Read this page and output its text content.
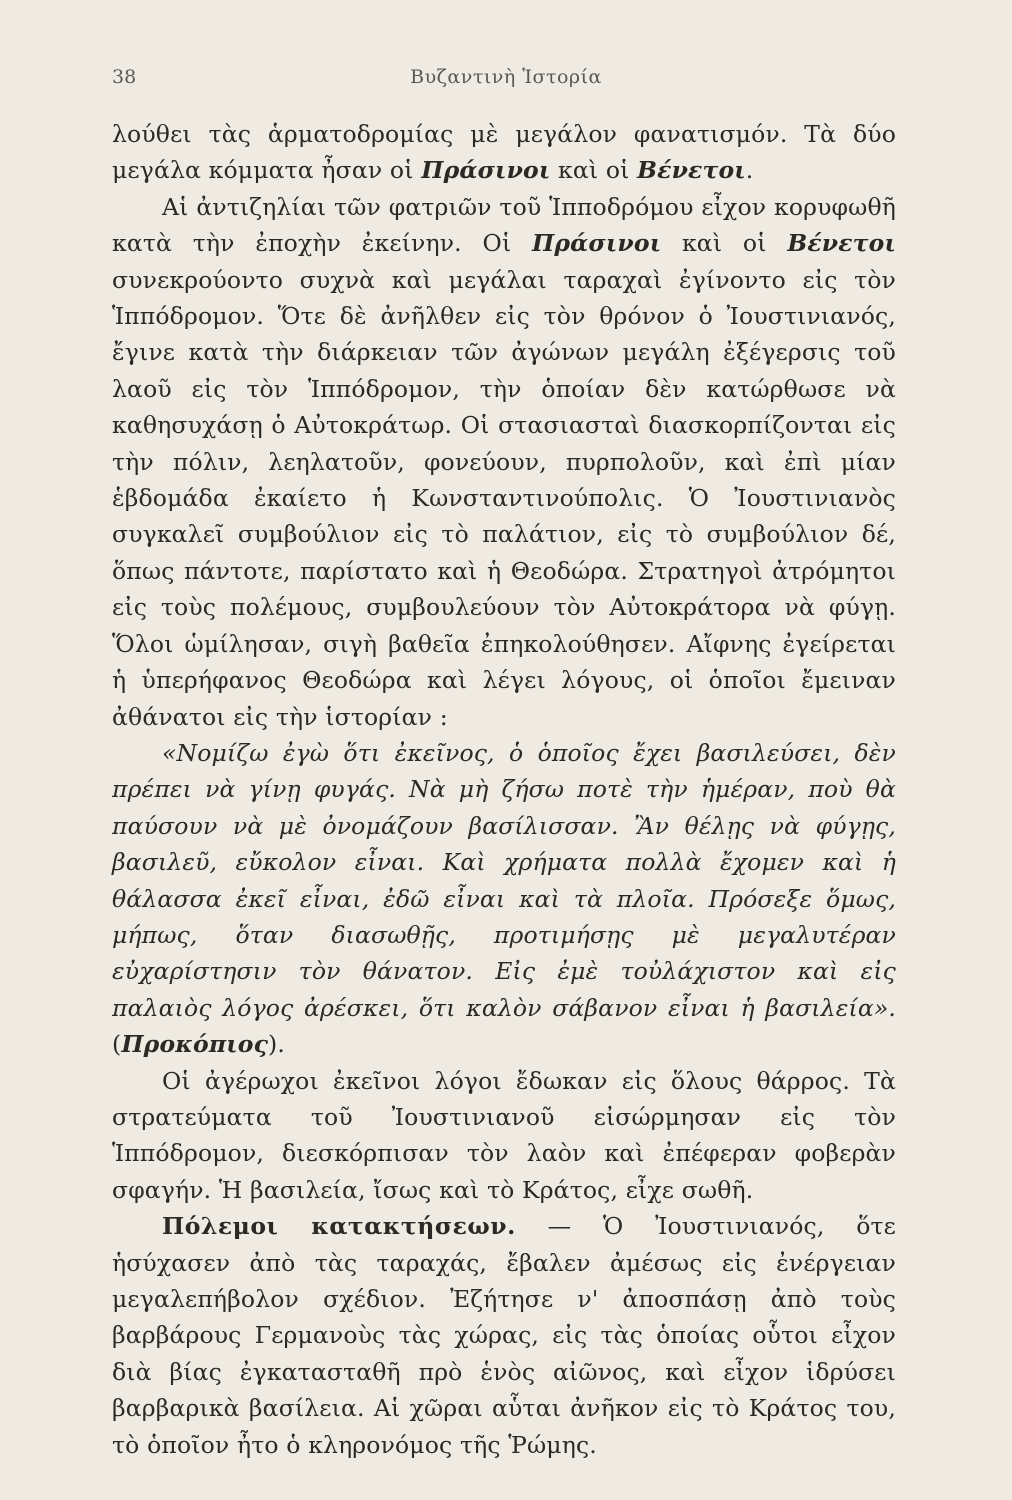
38	Βυζαντινὴ Ἱστορία

λούθει τὰς ἁρματοδρομίας μὲ μεγάλον φανατισμόν. Τὰ δύο μεγάλα κόμματα ἦσαν οἱ Πράσινοι καὶ οἱ Βένετοι.

Αἱ ἀντιζηλίαι τῶν φατριῶν τοῦ Ἱπποδρόμου εἶχον κορυφωθῆ κατὰ τὴν ἐποχὴν ἐκείνην. Οἱ Πράσινοι καὶ οἱ Βένετοι συνεκρούοντο συχνὰ καὶ μεγάλαι ταραχαὶ ἐγίνοντο εἰς τὸν Ἱππόδρομον. Ὅτε δὲ ἀνῆλθεν εἰς τὸν θρόνον ὁ Ἰουστινιανός, ἔγινε κατὰ τὴν διάρκειαν τῶν ἀγώνων μεγάλη ἐξέγερσις τοῦ λαοῦ εἰς τὸν Ἱππόδρομον, τὴν ὁποίαν δὲν κατώρθωσε νὰ καθησυχάσῃ ὁ Αὐτοκράτωρ. Οἱ στασιασταὶ διασκορπίζονται εἰς τὴν πόλιν, λεηλατοῦν, φονεύουν, πυρπολοῦν, καὶ ἐπὶ μίαν ἑβδομάδα ἐκαίετο ἡ Κωνσταντινούπολις. Ὁ Ἰουστινιανὸς συγκαλεῖ συμβούλιον εἰς τὸ παλάτιον, εἰς τὸ συμβούλιον δέ, ὅπως πάντοτε, παρίστατο καὶ ἡ Θεοδώρα. Στρατηγοὶ ἀτρόμητοι εἰς τοὺς πολέμους, συμβουλεύουν τὸν Αὐτοκράτορα νὰ φύγῃ. Ὅλοι ὡμίλησαν, σιγὴ βαθεῖα ἐπηκολούθησεν. Αἴφνης ἐγείρεται ἡ ὑπερήφανος Θεοδώρα καὶ λέγει λόγους, οἱ ὁποῖοι ἔμειναν ἀθάνατοι εἰς τὴν ἱστορίαν :

«Νομίζω ἐγὼ ὅτι ἐκεῖνος, ὁ ὁποῖος ἔχει βασιλεύσει, δὲν πρέπει νὰ γίνῃ φυγάς. Νὰ μὴ ζήσω ποτὲ τὴν ἡμέραν, ποὺ θὰ παύσουν νὰ μὲ ὀνομάζουν βασίλισσαν. Ἂν θέλῃς νὰ φύγῃς, βασιλεῦ, εὔκολον εἶναι. Καὶ χρήματα πολλὰ ἔχομεν καὶ ἡ θάλασσα ἐκεῖ εἶναι, ἐδῶ εἶναι καὶ τὰ πλοῖα. Πρόσεξε ὅμως, μήπως, ὅταν διασωθῇς, προτιμήσῃς μὲ μεγαλυτέραν εὐχαρίστησιν τὸν θάνατον. Εἰς ἐμὲ τοὐλάχιστον καὶ εἰς παλαιὸς λόγος ἀρέσκει, ὅτι καλὸν σάβανον εἶναι ἡ βασιλεία». (Προκόπιος).

Οἱ ἀγέρωχοι ἐκεῖνοι λόγοι ἔδωκαν εἰς ὅλους θάρρος. Τὰ στρατεύματα τοῦ Ἰουστινιανοῦ εἰσώρμησαν εἰς τὸν Ἱππόδρομον, διεσκόρπισαν τὸν λαὸν καὶ ἐπέφεραν φοβερὰν σφαγήν. Ἡ βασιλεία, ἴσως καὶ τὸ Κράτος, εἶχε σωθῆ.

Πόλεμοι κατακτήσεων. — Ὁ Ἰουστινιανός, ὅτε ἡσύχασεν ἀπὸ τὰς ταραχάς, ἔβαλεν ἀμέσως εἰς ἐνέργειαν μεγαλεπήβολον σχέδιον. Ἐζήτησε ν' ἀποσπάσῃ ἀπὸ τοὺς βαρβάρους Γερμανοὺς τὰς χώρας, εἰς τὰς ὁποίας οὗτοι εἶχον διὰ βίας ἐγκατασταθῆ πρὸ ἑνὸς αἰῶνος, καὶ εἶχον ἱδρύσει βαρβαρικὰ βασίλεια. Αἱ χῶραι αὗται ἀνῆκον εἰς τὸ Κράτος του, τὸ ὁποῖον ἦτο ὁ κληρονόμος τῆς Ῥώμης.
